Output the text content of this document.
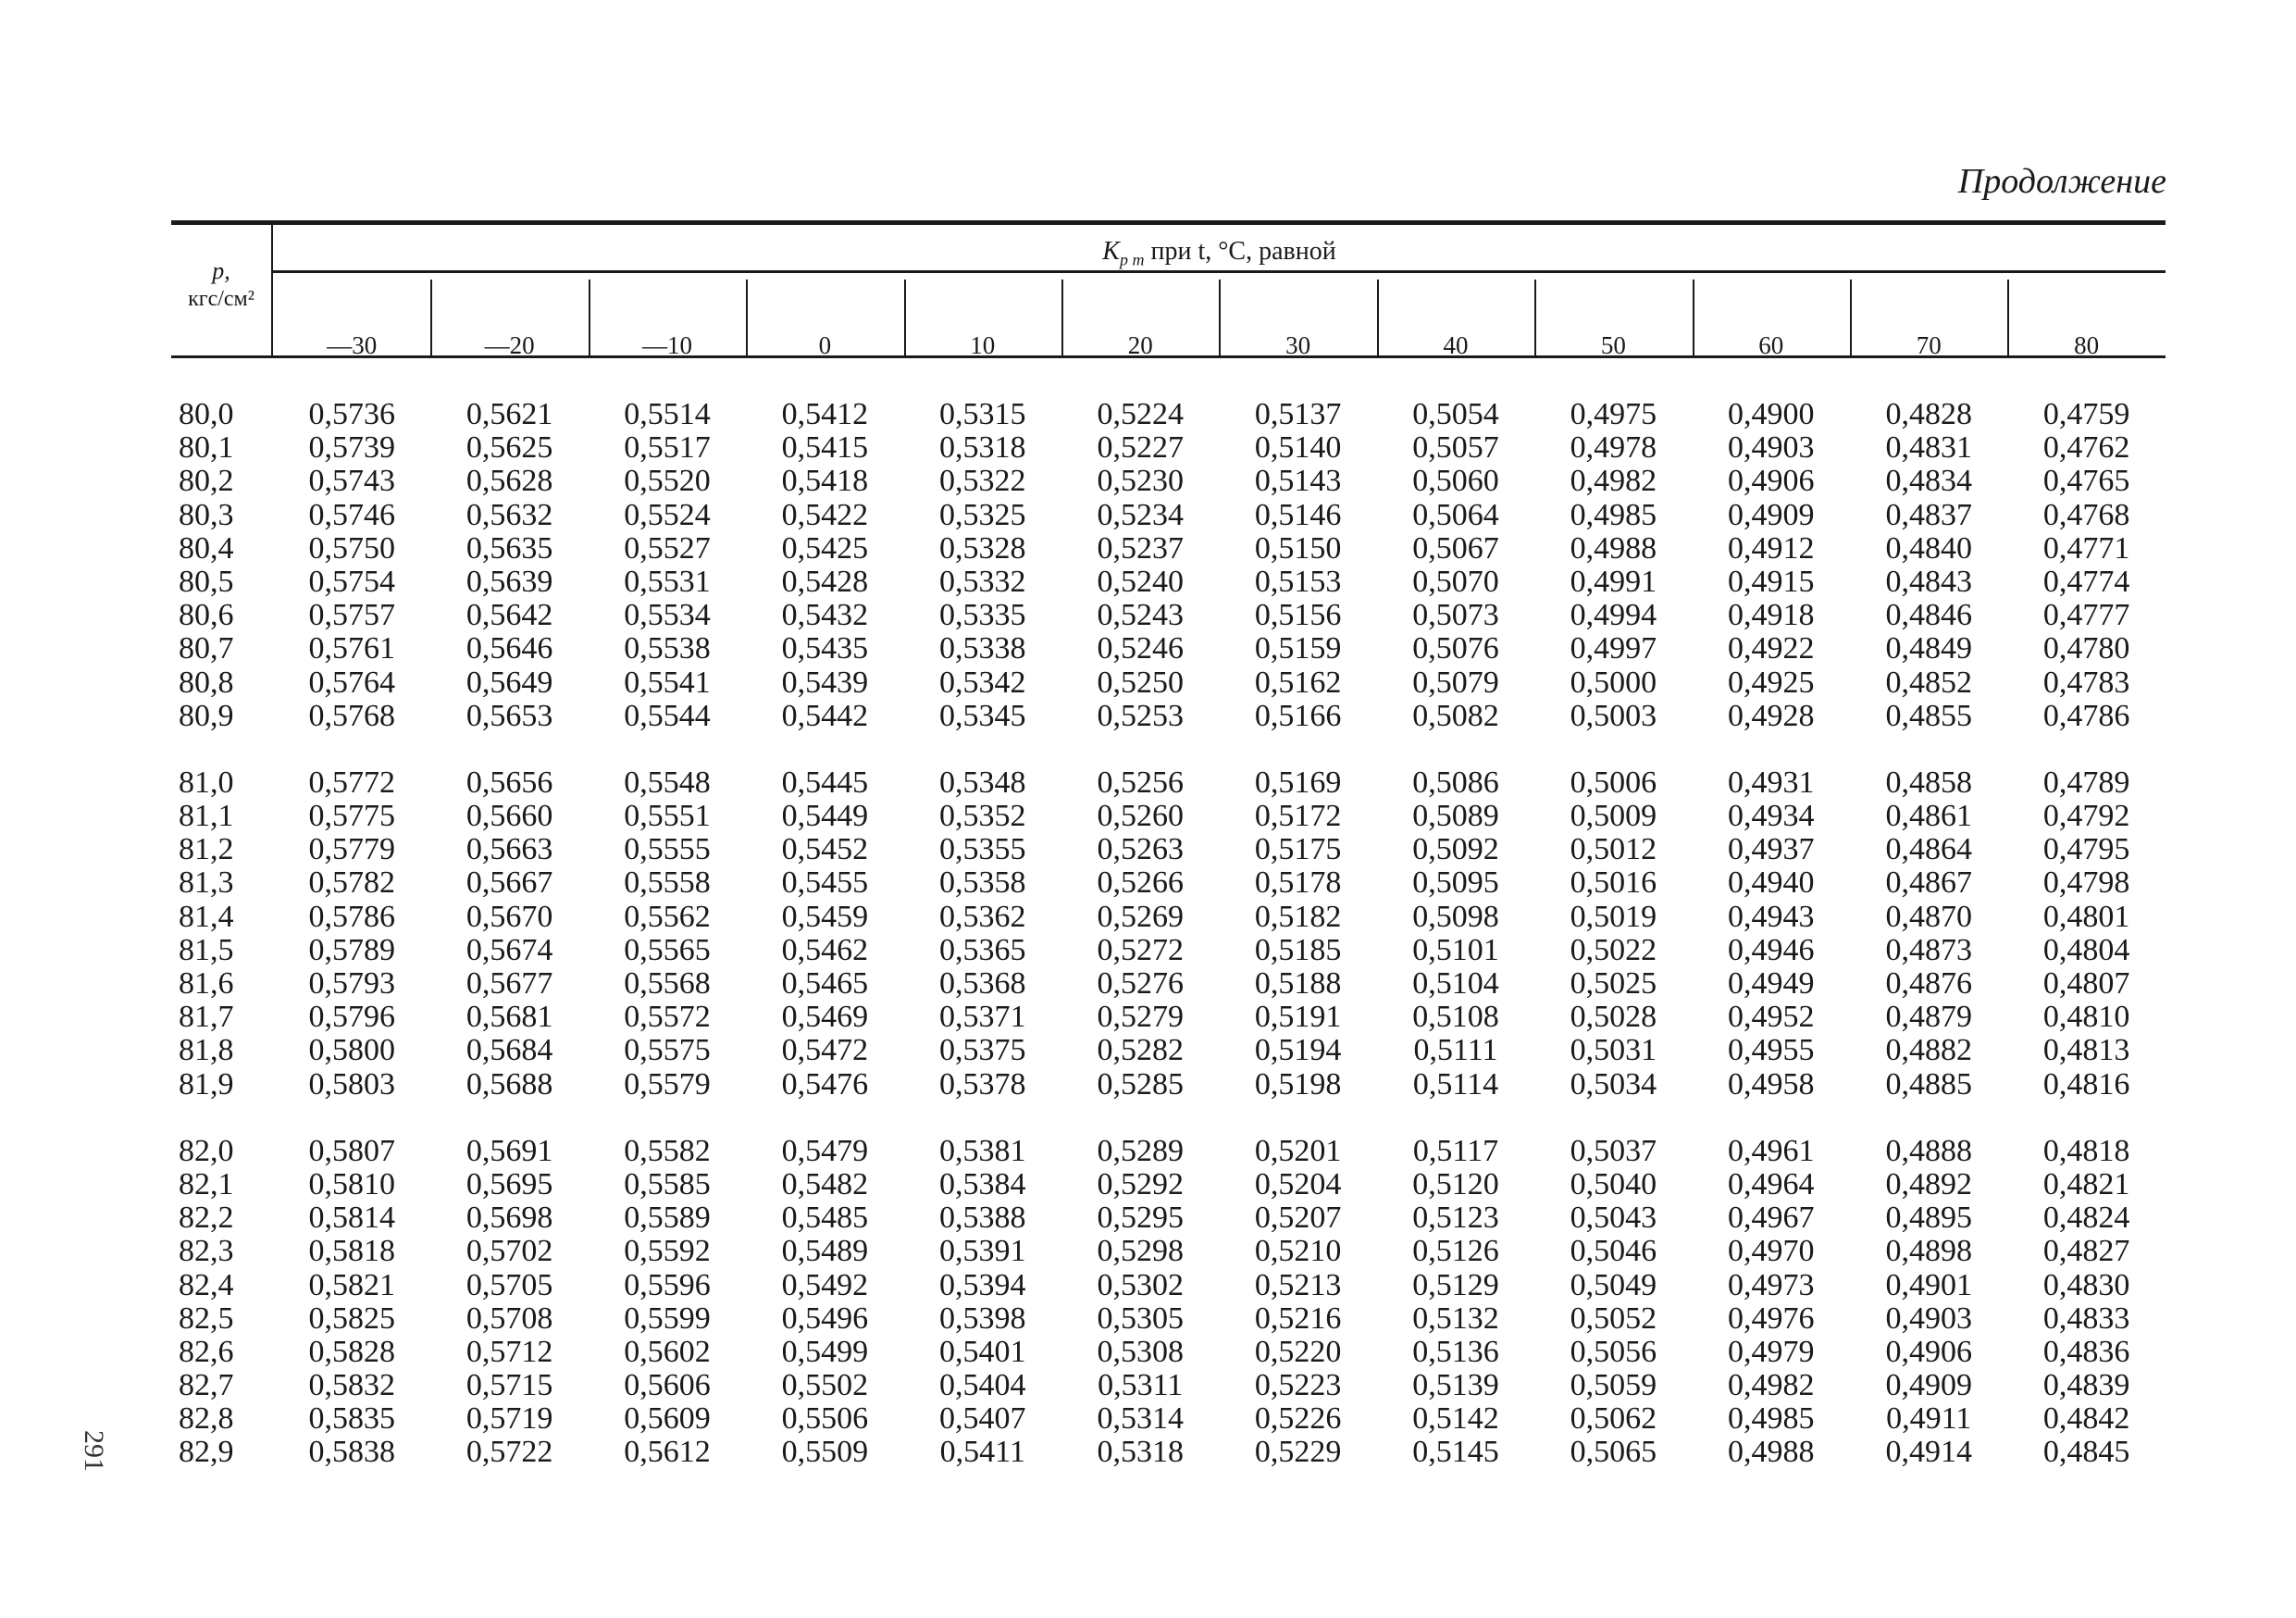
Продолжение
p,
кгс/см²
$K_{р т}$ при t, °С, равной
—30	—20	—10	0	10	20	30	40	50	60	70	80
80,0	0,5736	0,5621	0,5514	0,5412	0,5315	0,5224	0,5137	0,5054	0,4975	0,4900	0,4828	0,4759
80,1	0,5739	0,5625	0,5517	0,5415	0,5318	0,5227	0,5140	0,5057	0,4978	0,4903	0,4831	0,4762
80,2	0,5743	0,5628	0,5520	0,5418	0,5322	0,5230	0,5143	0,5060	0,4982	0,4906	0,4834	0,4765
80,3	0,5746	0,5632	0,5524	0,5422	0,5325	0,5234	0,5146	0,5064	0,4985	0,4909	0,4837	0,4768
80,4	0,5750	0,5635	0,5527	0,5425	0,5328	0,5237	0,5150	0,5067	0,4988	0,4912	0,4840	0,4771
80,5	0,5754	0,5639	0,5531	0,5428	0,5332	0,5240	0,5153	0,5070	0,4991	0,4915	0,4843	0,4774
80,6	0,5757	0,5642	0,5534	0,5432	0,5335	0,5243	0,5156	0,5073	0,4994	0,4918	0,4846	0,4777
80,7	0,5761	0,5646	0,5538	0,5435	0,5338	0,5246	0,5159	0,5076	0,4997	0,4922	0,4849	0,4780
80,8	0,5764	0,5649	0,5541	0,5439	0,5342	0,5250	0,5162	0,5079	0,5000	0,4925	0,4852	0,4783
80,9	0,5768	0,5653	0,5544	0,5442	0,5345	0,5253	0,5166	0,5082	0,5003	0,4928	0,4855	0,4786
81,0	0,5772	0,5656	0,5548	0,5445	0,5348	0,5256	0,5169	0,5086	0,5006	0,4931	0,4858	0,4789
81,1	0,5775	0,5660	0,5551	0,5449	0,5352	0,5260	0,5172	0,5089	0,5009	0,4934	0,4861	0,4792
81,2	0,5779	0,5663	0,5555	0,5452	0,5355	0,5263	0,5175	0,5092	0,5012	0,4937	0,4864	0,4795
81,3	0,5782	0,5667	0,5558	0,5455	0,5358	0,5266	0,5178	0,5095	0,5016	0,4940	0,4867	0,4798
81,4	0,5786	0,5670	0,5562	0,5459	0,5362	0,5269	0,5182	0,5098	0,5019	0,4943	0,4870	0,4801
81,5	0,5789	0,5674	0,5565	0,5462	0,5365	0,5272	0,5185	0,5101	0,5022	0,4946	0,4873	0,4804
81,6	0,5793	0,5677	0,5568	0,5465	0,5368	0,5276	0,5188	0,5104	0,5025	0,4949	0,4876	0,4807
81,7	0,5796	0,5681	0,5572	0,5469	0,5371	0,5279	0,5191	0,5108	0,5028	0,4952	0,4879	0,4810
81,8	0,5800	0,5684	0,5575	0,5472	0,5375	0,5282	0,5194	0,5111	0,5031	0,4955	0,4882	0,4813
81,9	0,5803	0,5688	0,5579	0,5476	0,5378	0,5285	0,5198	0,5114	0,5034	0,4958	0,4885	0,4816
82,0	0,5807	0,5691	0,5582	0,5479	0,5381	0,5289	0,5201	0,5117	0,5037	0,4961	0,4888	0,4818
82,1	0,5810	0,5695	0,5585	0,5482	0,5384	0,5292	0,5204	0,5120	0,5040	0,4964	0,4892	0,4821
82,2	0,5814	0,5698	0,5589	0,5485	0,5388	0,5295	0,5207	0,5123	0,5043	0,4967	0,4895	0,4824
82,3	0,5818	0,5702	0,5592	0,5489	0,5391	0,5298	0,5210	0,5126	0,5046	0,4970	0,4898	0,4827
82,4	0,5821	0,5705	0,5596	0,5492	0,5394	0,5302	0,5213	0,5129	0,5049	0,4973	0,4901	0,4830
82,5	0,5825	0,5708	0,5599	0,5496	0,5398	0,5305	0,5216	0,5132	0,5052	0,4976	0,4903	0,4833
82,6	0,5828	0,5712	0,5602	0,5499	0,5401	0,5308	0,5220	0,5136	0,5056	0,4979	0,4906	0,4836
82,7	0,5832	0,5715	0,5606	0,5502	0,5404	0,5311	0,5223	0,5139	0,5059	0,4982	0,4909	0,4839
82,8	0,5835	0,5719	0,5609	0,5506	0,5407	0,5314	0,5226	0,5142	0,5062	0,4985	0,4911	0,4842
82,9	0,5838	0,5722	0,5612	0,5509	0,5411	0,5318	0,5229	0,5145	0,5065	0,4988	0,4914	0,4845
291
